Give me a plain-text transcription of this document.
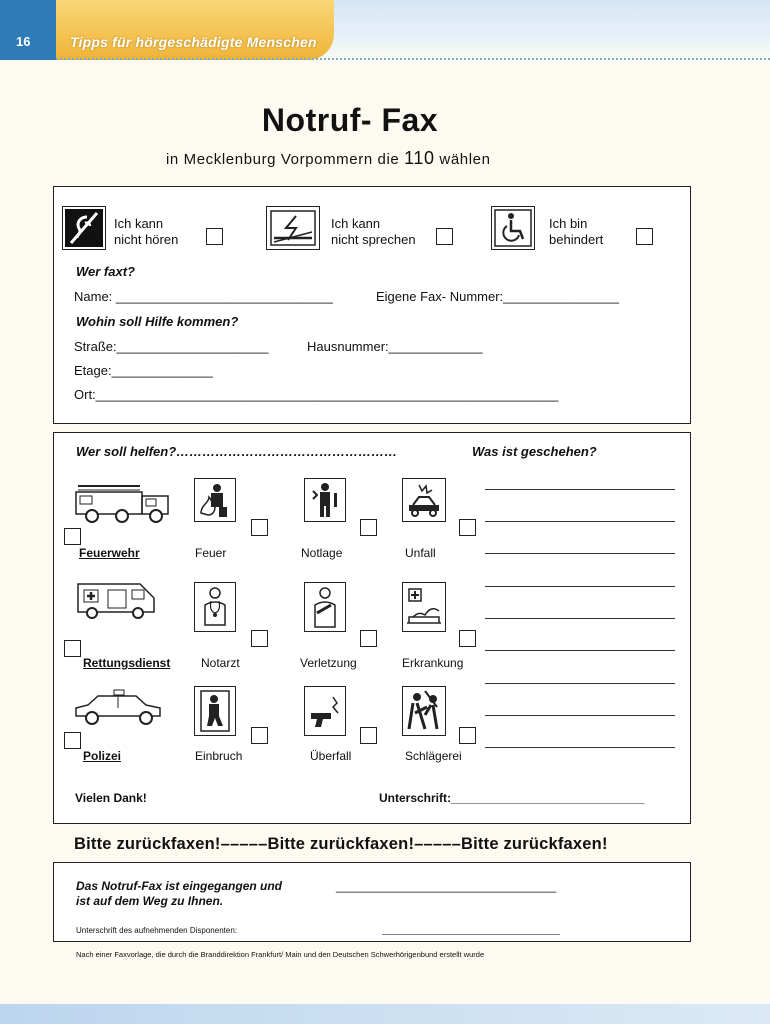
16	Tipps für hörgeschädigte Menschen
Notruf- Fax
in Mecklenburg Vorpommern die 110 wählen
Ich kann
nicht hören
Ich kann
nicht sprechen
Ich bin
behindert
Wer faxt?
Name: ______________________________	Eigene Fax- Nummer:________________
Wohin soll Hilfe kommen?
Straße:_____________________	Hausnummer:_____________
Etage:______________
Ort:________________________________________________________________
Wer soll helfen?……………………………………………	Was ist geschehen?
Feuerwehr	Feuer	Notlage	Unfall
Rettungsdienst	Notarzt	Verletzung	Erkrankung
Polizei	Einbruch	Überfall	Schlägerei
Vielen Dank!	Unterschrift:_____________________________
Bitte zurückfaxen!–––––Bitte zurückfaxen!–––––Bitte zurückfaxen!
Das Notruf-Fax ist eingegangen und	_________________________________
ist auf dem Weg zu Ihnen.
Unterschrift des aufnehmenden Disponenten:	________________________________________
Nach einer Faxvorlage, die durch die Branddirektion Frankfurt/ Main und den Deutschen Schwerhörigenbund erstellt wurde
